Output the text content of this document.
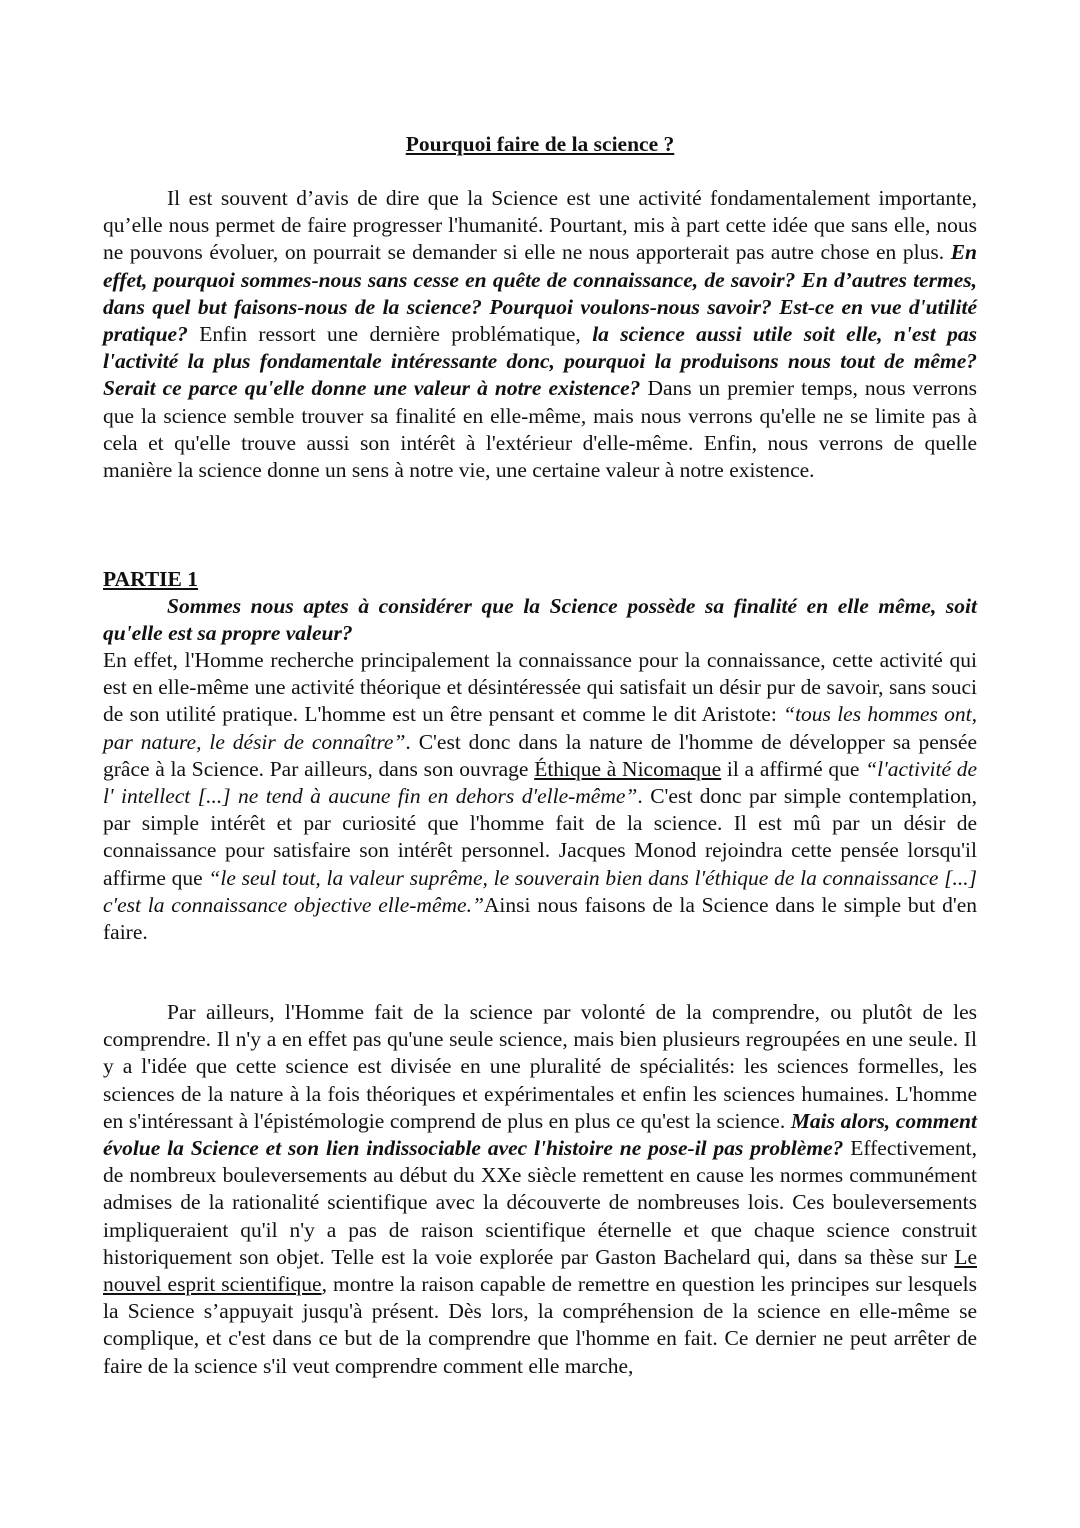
Pourquoi faire de la science ?

Il est souvent d’avis de dire que la Science est une activité fondamentalement importante, qu’elle nous permet de faire progresser l'humanité. Pourtant, mis à part cette idée que sans elle, nous ne pouvons évoluer, on pourrait se demander si elle ne nous apporterait pas autre chose en plus. En effet, pourquoi sommes-nous sans cesse en quête de connaissance, de savoir? En d’autres termes, dans quel but faisons-nous de la science? Pourquoi voulons-nous savoir? Est-ce en vue d'utilité pratique? Enfin ressort une dernière problématique, la science aussi utile soit elle, n'est pas l'activité la plus fondamentale intéressante donc, pourquoi la produisons nous tout de même? Serait ce parce qu'elle donne une valeur à notre existence? Dans un premier temps, nous verrons que la science semble trouver sa finalité en elle-même, mais nous verrons qu'elle ne se limite pas à cela et qu'elle trouve aussi son intérêt à l'extérieur d'elle-même. Enfin, nous verrons de quelle manière la science donne un sens à notre vie, une certaine valeur à notre existence.

PARTIE 1

Sommes nous aptes à considérer que la Science possède sa finalité en elle même, soit qu'elle est sa propre valeur?

En effet, l'Homme recherche principalement la connaissance pour la connaissance, cette activité qui est en elle-même une activité théorique et désintéressée qui satisfait un désir pur de savoir, sans souci de son utilité pratique. L'homme est un être pensant et comme le dit Aristote: “tous les hommes ont, par nature, le désir de connaître”. C'est donc dans la nature de l'homme de développer sa pensée grâce à la Science. Par ailleurs, dans son ouvrage Éthique à Nicomaque il a affirmé que “l'activité de l' intellect [...] ne tend à aucune fin en dehors d'elle-même”. C'est donc par simple contemplation, par simple intérêt et par curiosité que l'homme fait de la science. Il est mû par un désir de connaissance pour satisfaire son intérêt personnel. Jacques Monod rejoindra cette pensée lorsqu'il affirme que “le seul tout, la valeur suprême, le souverain bien dans l'éthique de la connaissance [...] c'est la connaissance objective elle-même.”Ainsi nous faisons de la Science dans le simple but d'en faire.

Par ailleurs, l'Homme fait de la science par volonté de la comprendre, ou plutôt de les comprendre. Il n'y a en effet pas qu'une seule science, mais bien plusieurs regroupées en une seule. Il y a l'idée que cette science est divisée en une pluralité de spécialités: les sciences formelles, les sciences de la nature à la fois théoriques et expérimentales et enfin les sciences humaines. L'homme en s'intéressant à l'épistémologie comprend de plus en plus ce qu'est la science. Mais alors, comment évolue la Science et son lien indissociable avec l'histoire ne pose-il pas problème? Effectivement, de nombreux bouleversements au début du XXe siècle remettent en cause les normes communément admises de la rationalité scientifique avec la découverte de nombreuses lois. Ces bouleversements impliqueraient qu'il n'y a pas de raison scientifique éternelle et que chaque science construit historiquement son objet. Telle est la voie explorée par Gaston Bachelard qui, dans sa thèse sur Le nouvel esprit scientifique, montre la raison capable de remettre en question les principes sur lesquels la Science s’appuyait jusqu'à présent. Dès lors, la compréhension de la science en elle-même se complique, et c'est dans ce but de la comprendre que l'homme en fait. Ce dernier ne peut arrêter de faire de la science s'il veut comprendre comment elle marche,
